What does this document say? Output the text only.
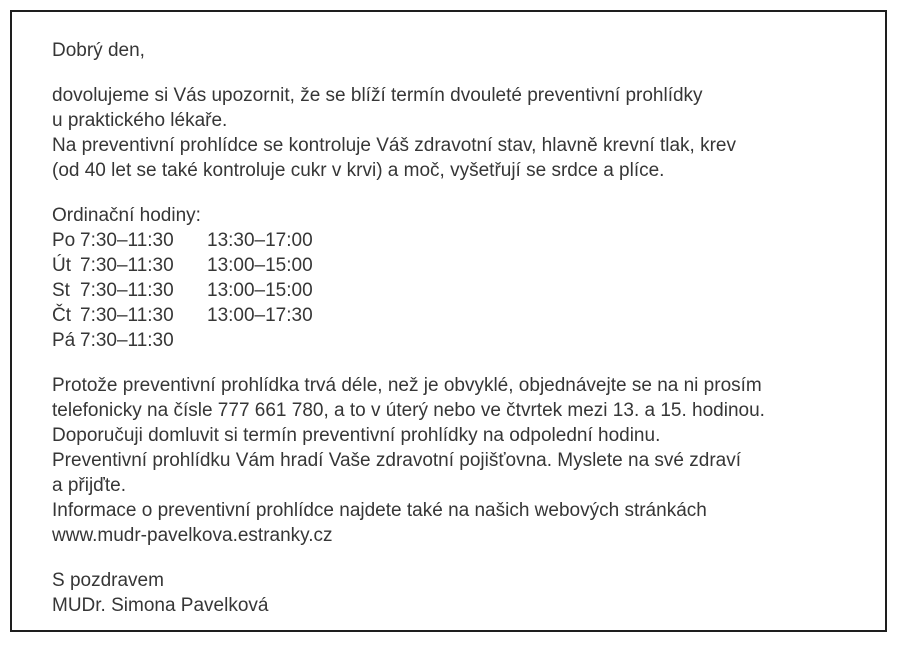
Dobrý den,
dovolujeme si Vás upozornit, že se blíží termín dvouleté preventivní prohlídky
u praktického lékaře.
Na preventivní prohlídce se kontroluje Váš zdravotní stav, hlavně krevní tlak, krev
(od 40 let se také kontroluje cukr v krvi) a moč, vyšetřují se srdce a plíce.
Ordinační hodiny:
Po 7:30–11:30 13:30–17:00
Út 7:30–11:30 13:00–15:00
St 7:30–11:30 13:00–15:00
Čt 7:30–11:30 13:00–17:30
Pá 7:30–11:30
Protože preventivní prohlídka trvá déle, než je obvyklé, objednávejte se na ni prosím
telefonicky na čísle 777 661 780, a to v úterý nebo ve čtvrtek mezi 13. a 15. hodinou.
Doporučuji domluvit si termín preventivní prohlídky na odpolední hodinu.
Preventivní prohlídku Vám hradí Vaše zdravotní pojišťovna. Myslete na své zdraví
a přijďte.
Informace o preventivní prohlídce najdete také na našich webových stránkách
www.mudr-pavelkova.estranky.cz
S pozdravem
MUDr. Simona Pavelková
